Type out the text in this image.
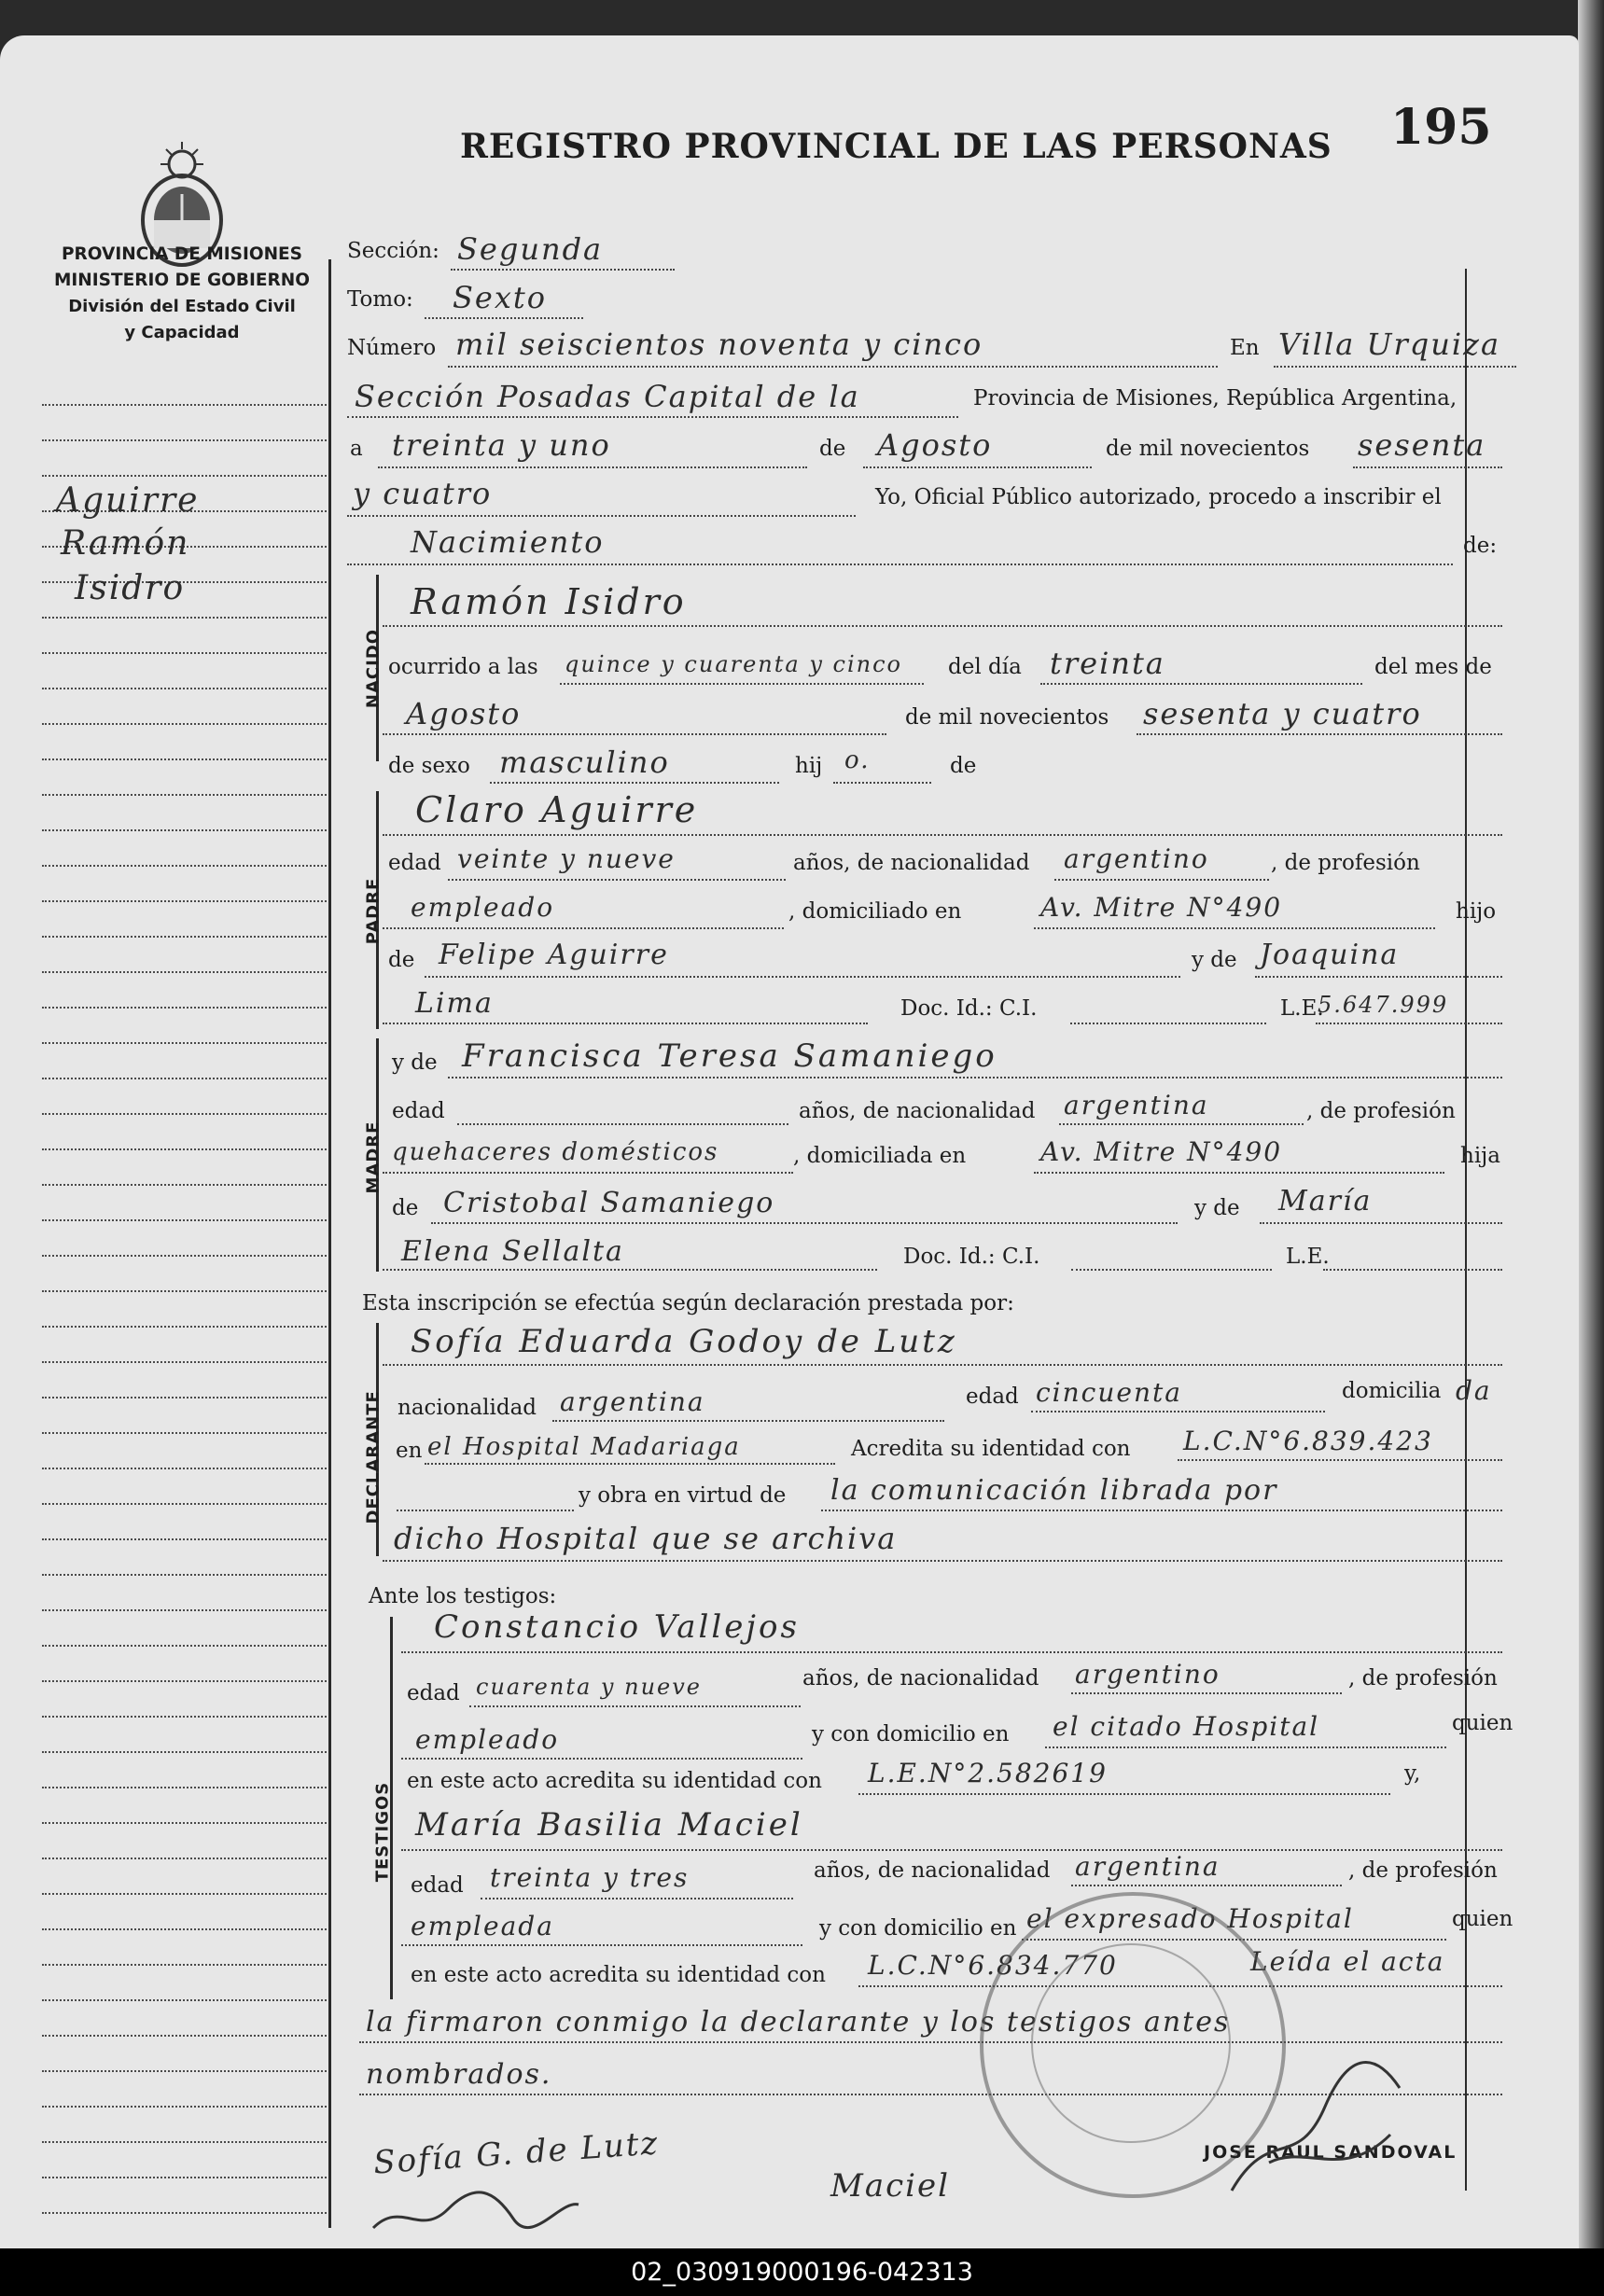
REGISTRO PROVINCIAL DE LAS PERSONAS 195
PROVINCIA DE MISIONES
MINISTERIO DE GOBIERNO
División del Estado Civil
y Capacidad
Aguirre
Ramón
Isidro
Sección: Segunda
Tomo: Sexto
Número mil seiscientos noventa y cinco	En Villa Urquiza
Sección Posadas Capital de la	Provincia de Misiones, República Argentina,
a treinta y uno	de Agosto	de mil novecientos sesenta
y cuatro	Yo, Oficial Público autorizado, procedo a inscribir el
Nacimiento	de:
NACIDO
Ramón Isidro
ocurrido a las quince y cuarenta y cinco del día treinta	del mes de
Agosto	de mil novecientos sesenta y cuatro
de sexo masculino	hij o.	de
PADRE
Claro Aguirre
edad veinte y nueve	años, de nacionalidad argentino	, de profesión
empleado	, domiciliado en	Av. Mitre N°490	hijo
de Felipe Aguirre	y de Joaquina
Lima	Doc. Id.: C.I.	L.E.
5.647.999
MADRE
y de Francisca Teresa Samaniego
edad	años, de nacionalidad argentina	, de profesión
quehaceres domésticos	, domiciliada en	Av. Mitre N°490	hija
de Cristobal Samaniego	y de María
Elena Sellalta	Doc. Id.: C.I.	L.E.
Esta inscripción se efectúa según declaración prestada por:
DECLARANTE
Sofía Eduarda Godoy de Lutz
nacionalidad argentina	edad cincuenta	domicilia da
en el Hospital Madariaga	Acredita su identidad con L.C.N°6.839.423
y obra en virtud de la comunicación librada por
dicho Hospital que se archiva
Ante los testigos:
TESTIGOS
Constancio Vallejos
edad cuarenta y nueve	años, de nacionalidad argentino	, de profesión
empleado	y con domicilio en el citado Hospital	quien
en este acto acredita su identidad con L.E.N°2.582619	y,
María Basilia Maciel
edad treinta y tres	años, de nacionalidad argentina	, de profesión
empleada	y con domicilio en el expresado Hospital	quien
en este acto acredita su identidad con L.C.N°6.834.770	Leída el acta
la firmaron conmigo la declarante y los testigos antes
nombrados.
JOSE RAUL SANDOVAL
Sofía G. de Lutz
Maciel
02_030919000196-042313
